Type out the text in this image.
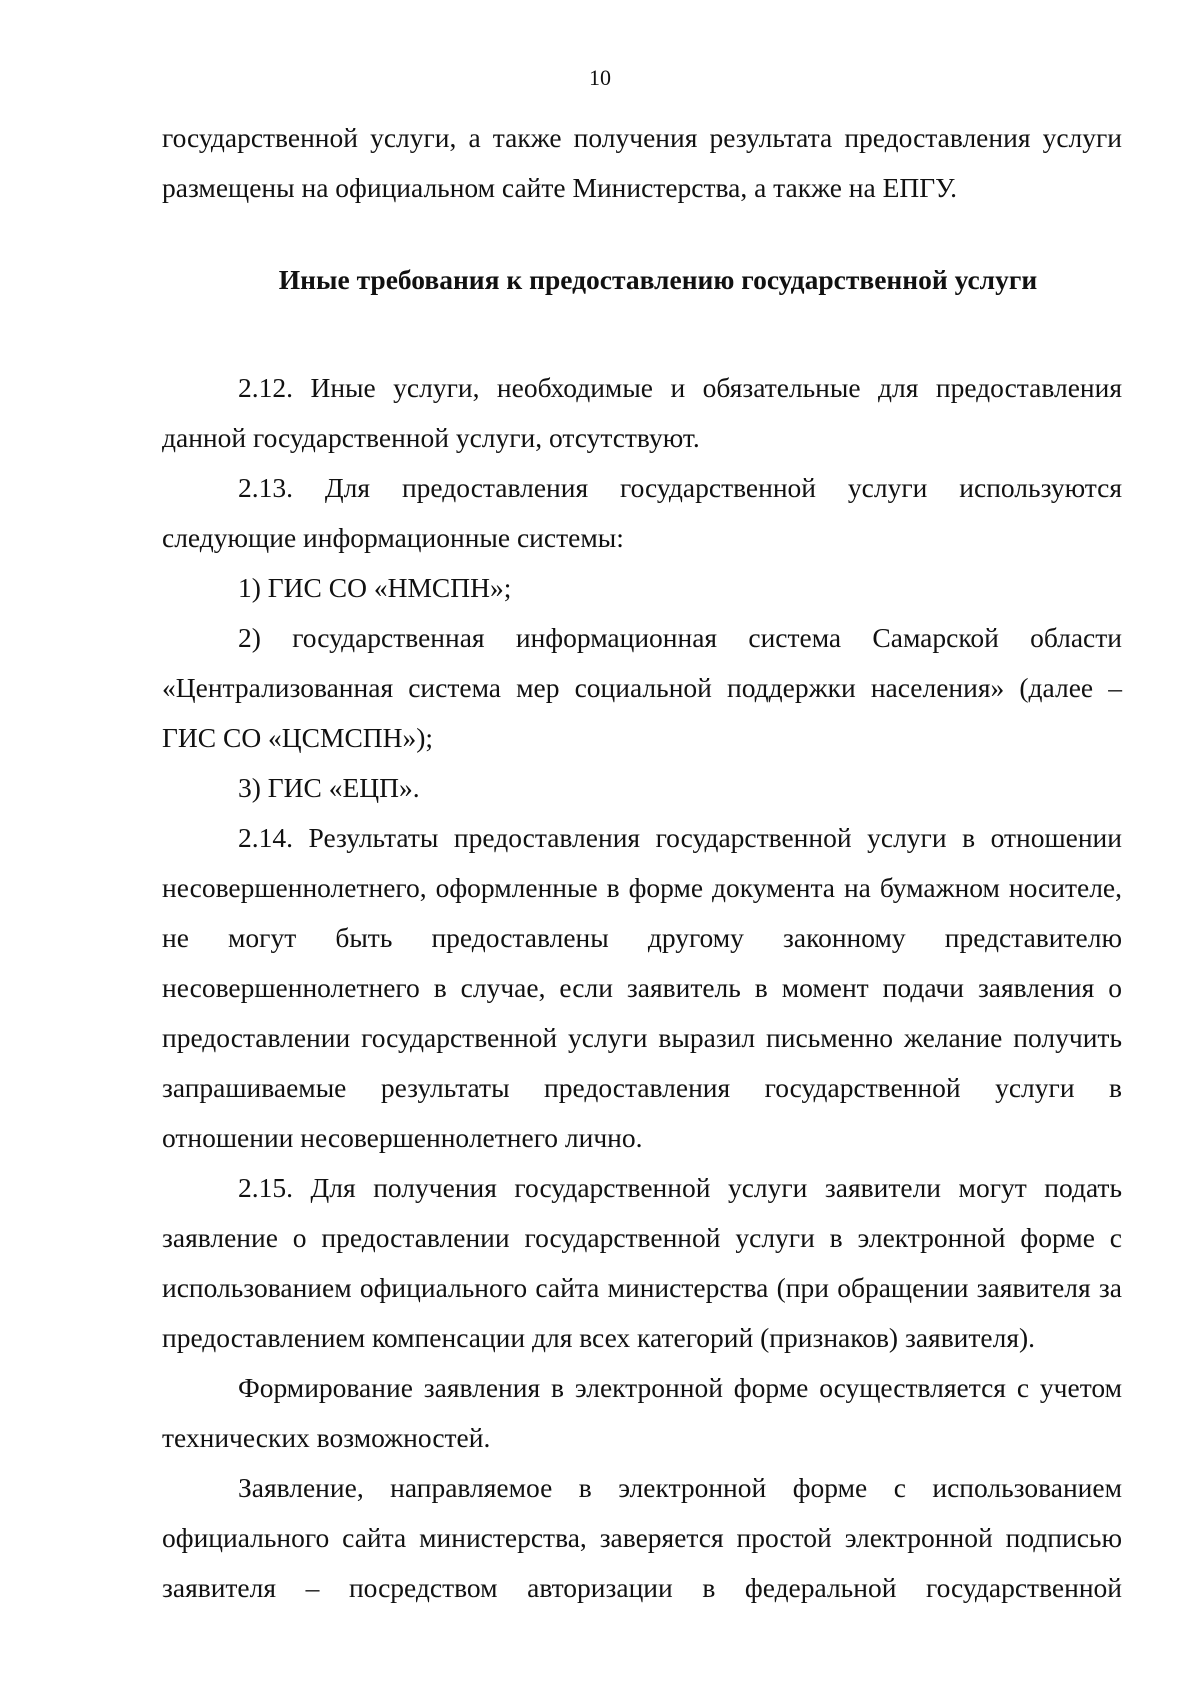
10

государственной услуги, а также получения результата предоставления услуги размещены на официальном сайте Министерства, а также на ЕПГУ.

Иные требования к предоставлению государственной услуги

2.12. Иные услуги, необходимые и обязательные для предоставления данной государственной услуги, отсутствуют.

2.13. Для предоставления государственной услуги используются следующие информационные системы:

1) ГИС СО «НМСПН»;

2) государственная информационная система Самарской области «Централизованная система мер социальной поддержки населения» (далее – ГИС СО «ЦСМСПН»);

3) ГИС «ЕЦП».

2.14. Результаты предоставления государственной услуги в отношении несовершеннолетнего, оформленные в форме документа на бумажном носителе, не могут быть предоставлены другому законному представителю несовершеннолетнего в случае, если заявитель в момент подачи заявления о предоставлении государственной услуги выразил письменно желание получить запрашиваемые результаты предоставления государственной услуги в отношении несовершеннолетнего лично.

2.15. Для получения государственной услуги заявители могут подать заявление о предоставлении государственной услуги в электронной форме с использованием официального сайта министерства (при обращении заявителя за предоставлением компенсации для всех категорий (признаков) заявителя).

Формирование заявления в электронной форме осуществляется с учетом технических возможностей.

Заявление, направляемое в электронной форме с использованием официального сайта министерства, заверяется простой электронной подписью заявителя – посредством авторизации в федеральной государственной
